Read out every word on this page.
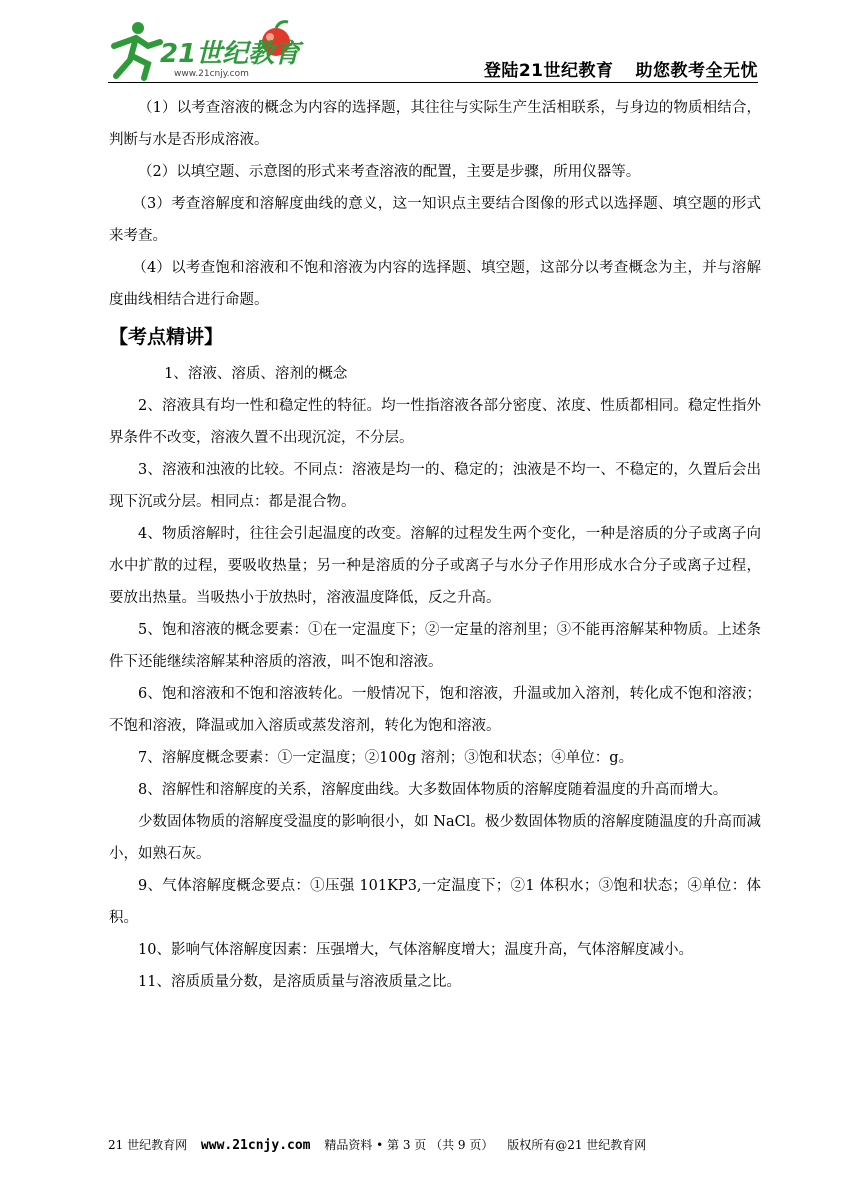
21世纪教育
www.21cnjy.com	登陆21世纪教育 助您教考全无忧

（1）以考查溶液的概念为内容的选择题，其往往与实际生产生活相联系，与身边的物质相结合，判断与水是否形成溶液。

（2）以填空题、示意图的形式来考查溶液的配置，主要是步骤，所用仪器等。

（3）考查溶解度和溶解度曲线的意义，这一知识点主要结合图像的形式以选择题、填空题的形式来考查。

（4）以考查饱和溶液和不饱和溶液为内容的选择题、填空题，这部分以考查概念为主，并与溶解度曲线相结合进行命题。

【考点精讲】

1、溶液、溶质、溶剂的概念

2、溶液具有均一性和稳定性的特征。均一性指溶液各部分密度、浓度、性质都相同。稳定性指外界条件不改变，溶液久置不出现沉淀，不分层。

3、溶液和浊液的比较。不同点：溶液是均一的、稳定的；浊液是不均一、不稳定的，久置后会出现下沉或分层。相同点：都是混合物。

4、物质溶解时，往往会引起温度的改变。溶解的过程发生两个变化，一种是溶质的分子或离子向水中扩散的过程，要吸收热量；另一种是溶质的分子或离子与水分子作用形成水合分子或离子过程，要放出热量。当吸热小于放热时，溶液温度降低，反之升高。

5、饱和溶液的概念要素：①在一定温度下；②一定量的溶剂里；③不能再溶解某种物质。上述条件下还能继续溶解某种溶质的溶液，叫不饱和溶液。

6、饱和溶液和不饱和溶液转化。一般情况下，饱和溶液，升温或加入溶剂，转化成不饱和溶液；不饱和溶液，降温或加入溶质或蒸发溶剂，转化为饱和溶液。

7、溶解度概念要素：①一定温度；②100g 溶剂；③饱和状态；④单位：g。

8、溶解性和溶解度的关系，溶解度曲线。大多数固体物质的溶解度随着温度的升高而增大。

少数固体物质的溶解度受温度的影响很小，如 NaCl。极少数固体物质的溶解度随温度的升高而减小，如熟石灰。

9、气体溶解度概念要点：①压强 101KP3,一定温度下；②1 体积水；③饱和状态；④单位：体积。

10、影响气体溶解度因素：压强增大，气体溶解度增大；温度升高，气体溶解度减小。

11、溶质质量分数，是溶质质量与溶液质量之比。

21 世纪教育网 www.21cnjy.com 精品资料 • 第 3 页 （共 9 页） 版权所有@21 世纪教育网
